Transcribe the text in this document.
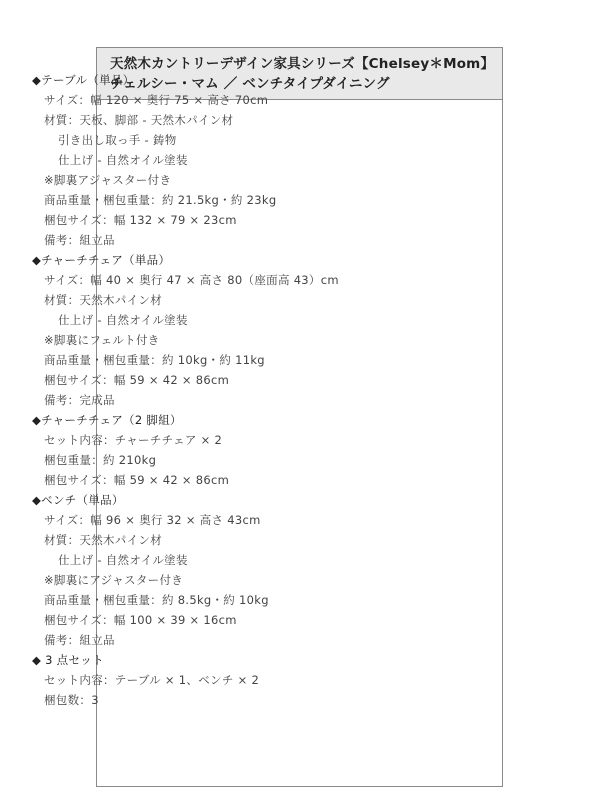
天然木カントリーデザイン家具シリーズ【Chelsey＊Mom】
チェルシー・マム ／ ベンチタイプダイニング
◆テーブル（単品）
サイズ：幅 120 × 奥行 75 × 高さ 70cm
材質：天板、脚部 - 天然木パイン材
引き出し取っ手 - 鋳物
仕上げ - 自然オイル塗装
※脚裏アジャスター付き
商品重量・梱包重量：約 21.5kg・約 23kg
梱包サイズ：幅 132 × 79 × 23cm
備考：組立品
◆チャーチチェア（単品）
サイズ：幅 40 × 奥行 47 × 高さ 80（座面高 43）cm
材質：天然木パイン材
仕上げ - 自然オイル塗装
※脚裏にフェルト付き
商品重量・梱包重量：約 10kg・約 11kg
梱包サイズ：幅 59 × 42 × 86cm
備考：完成品
◆チャーチチェア（2 脚組）
セット内容：チャーチチェア × 2
梱包重量：約 210kg
梱包サイズ：幅 59 × 42 × 86cm
◆ベンチ（単品）
サイズ：幅 96 × 奥行 32 × 高さ 43cm
材質：天然木パイン材
仕上げ - 自然オイル塗装
※脚裏にアジャスター付き
商品重量・梱包重量：約 8.5kg・約 10kg
梱包サイズ：幅 100 × 39 × 16cm
備考：組立品
◆ 3 点セット
セット内容：テーブル × 1、ベンチ × 2
梱包数：3
